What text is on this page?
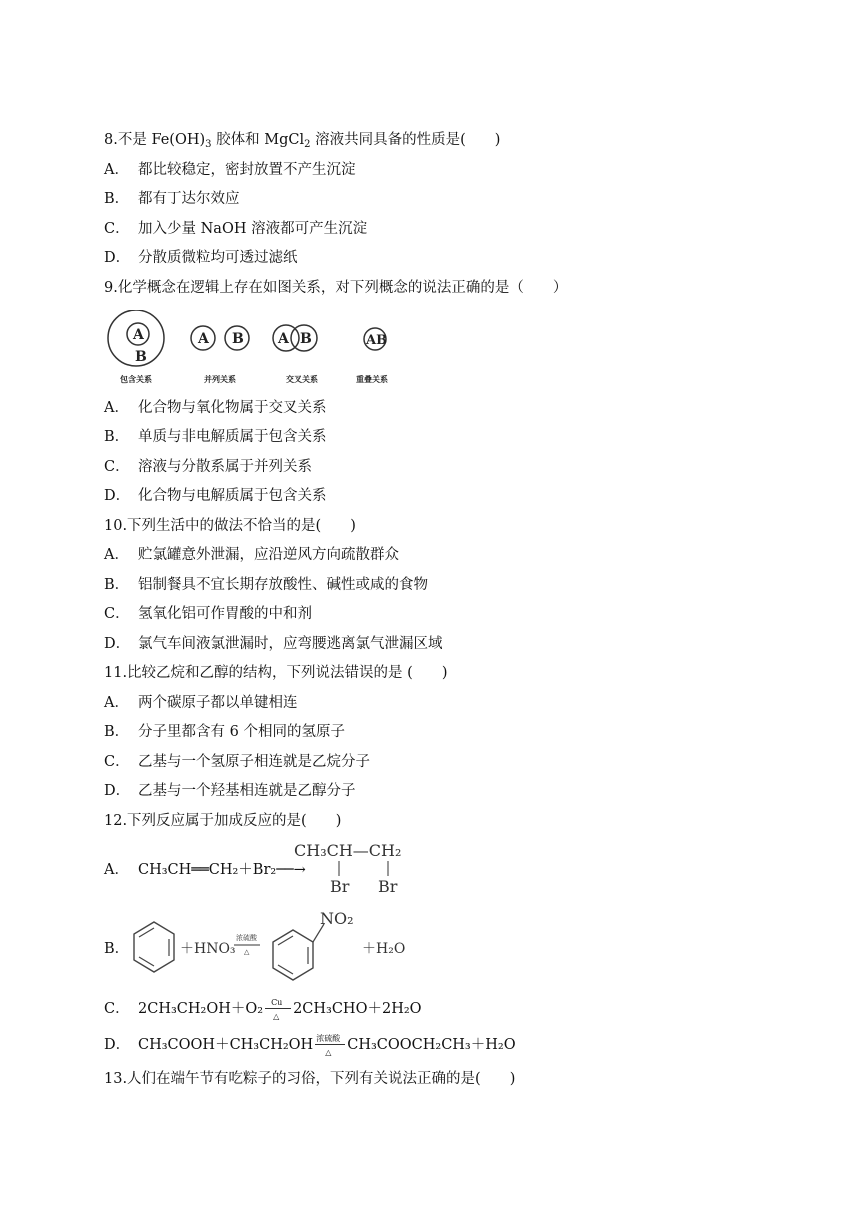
8.不是 $Fe(OH)_3$ 胶体和 MgCl$_2$ 溶液共同具备的性质是(　　)
A． 都比较稳定，密封放置不产生沉淀
B． 都有丁达尔效应
C． 加入少量 NaOH 溶液都可产生沉淀
D． 分散质微粒均可透过滤纸
9.化学概念在逻辑上存在如图关系，对下列概念的说法正确的是（　　）
A
B
A B A B	AB
包含关系	并列关系	交叉关系	重叠关系
A． 化合物与氧化物属于交叉关系
B． 单质与非电解质属于包含关系
C． 溶液与分散系属于并列关系
D． 化合物与电解质属于包含关系
10.下列生活中的做法不恰当的是(　　)
A． 贮氯罐意外泄漏，应沿逆风方向疏散群众
B． 铝制餐具不宜长期存放酸性、碱性或咸的食物
C． 氢氧化铝可作胃酸的中和剂
D． 氯气车间液氯泄漏时，应弯腰逃离氯气泄漏区域
11.比较乙烷和乙醇的结构，下列说法错误的是 (　　)
A． 两个碳原子都以单键相连
B． 分子里都含有 6 个相同的氢原子
C． 乙基与一个氢原子相连就是乙烷分子
D． 乙基与一个羟基相连就是乙醇分子
12.下列反应属于加成反应的是(　　)
A． CH₃CH══CH₂＋Br₂──→
CH₃CH—CH₂
Br Br
B．	＋HNO₃
浓硫酸
△
NO₂
＋H₂O
C． 2CH₃CH₂OH＋O₂ Cu
△ 2CH₃CHO＋2H₂O
D． CH₃COOH＋CH₃CH₂OH 浓硫酸
△ CH₃COOCH₂CH₃＋H₂O
13.人们在端午节有吃粽子的习俗，下列有关说法正确的是(　　)
